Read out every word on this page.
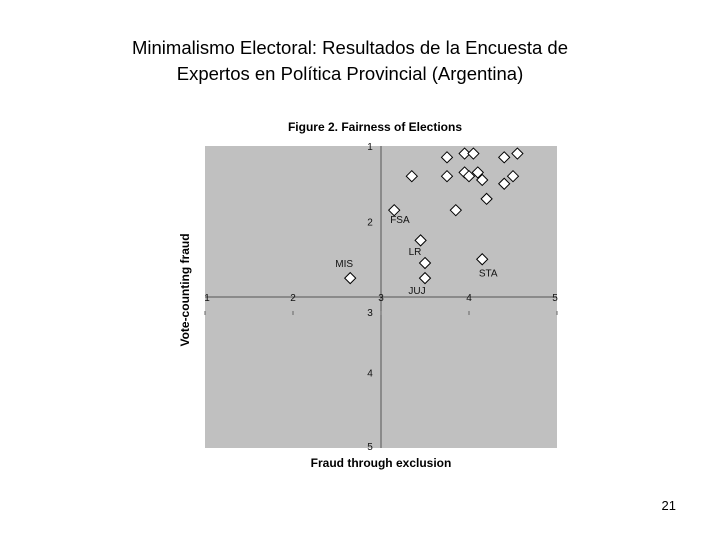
Minimalismo Electoral: Resultados de la Encuesta de
Expertos en Política Provincial (Argentina)
Figure 2. Fairness of Elections
1	2	3	4	5
1
2
3
4
5
MIS
FSA
LR
JUJ
STA
Fraud through exclusion
Vote-counting fraud
21
